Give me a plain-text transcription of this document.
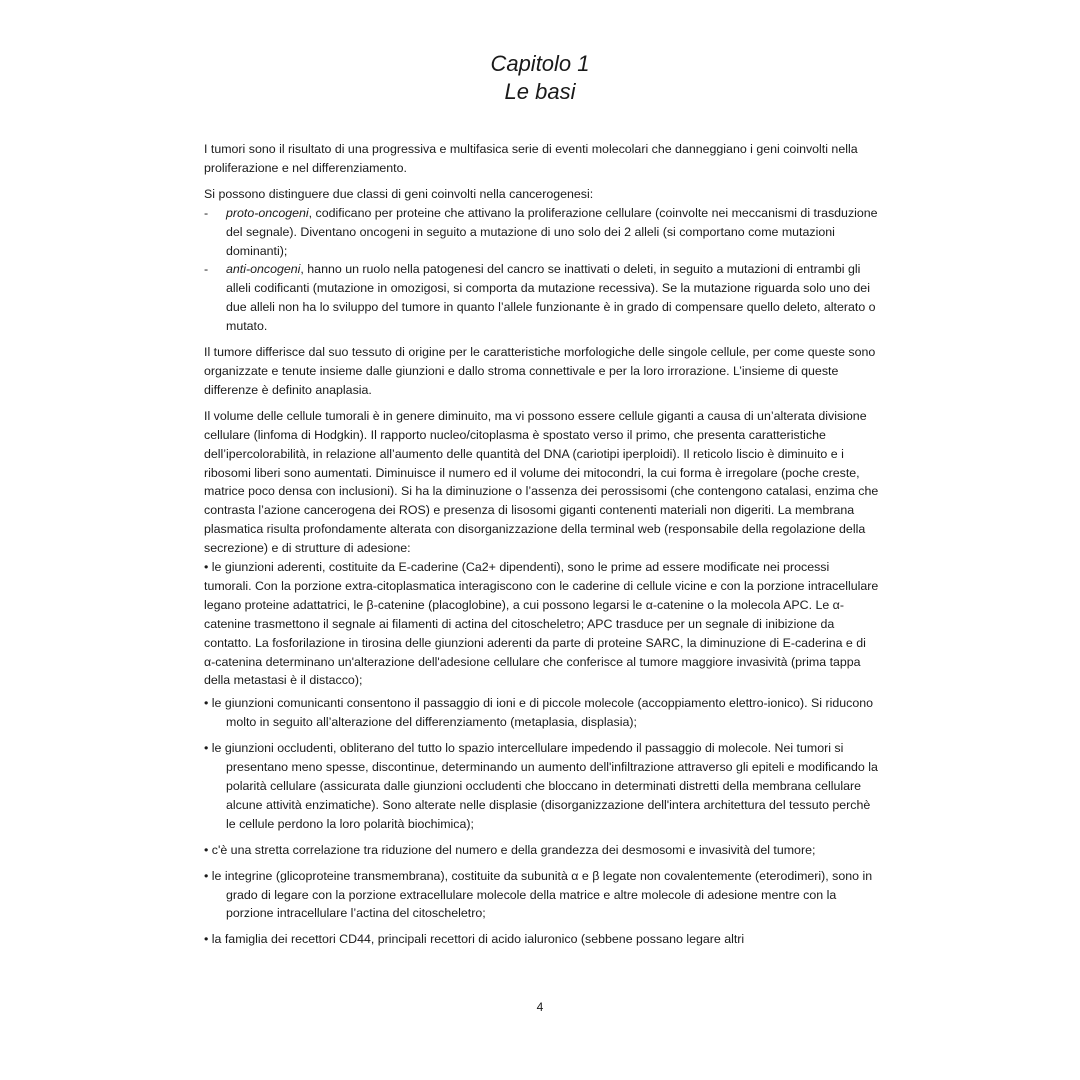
Capitolo 1
Le basi

I tumori sono il risultato di una progressiva e multifasica serie di eventi molecolari che danneggiano i geni coinvolti nella proliferazione e nel differenziamento.

Si possono distinguere due classi di geni coinvolti nella cancerogenesi:

- proto-oncogeni, codificano per proteine che attivano la proliferazione cellulare (coinvolte nei meccanismi di trasduzione del segnale). Diventano oncogeni in seguito a mutazione di uno solo dei 2 alleli (si comportano come mutazioni dominanti);
- anti-oncogeni, hanno un ruolo nella patogenesi del cancro se inattivati o deleti, in seguito a mutazioni di entrambi gli alleli codificanti (mutazione in omozigosi, si comporta da mutazione recessiva). Se la mutazione riguarda solo uno dei due alleli non ha lo sviluppo del tumore in quanto l’allele funzionante è in grado di compensare quello deleto, alterato o mutato.

Il tumore differisce dal suo tessuto di origine per le caratteristiche morfologiche delle singole cellule, per come queste sono organizzate e tenute insieme dalle giunzioni e dallo stroma connettivale e per la loro irrorazione. L’insieme di queste differenze è definito anaplasia.

Il volume delle cellule tumorali è in genere diminuito, ma vi possono essere cellule giganti a causa di un’alterata divisione cellulare (linfoma di Hodgkin). Il rapporto nucleo/citoplasma è spostato verso il primo, che presenta caratteristiche dell’ipercolorabilità, in relazione all’aumento delle quantità del DNA (cariotipi iperploidi). Il reticolo liscio è diminuito e i ribosomi liberi sono aumentati. Diminuisce il numero ed il volume dei mitocondri, la cui forma è irregolare (poche creste, matrice poco densa con inclusioni). Si ha la diminuzione o l’assenza dei perossisomi (che contengono catalasi, enzima che contrasta l’azione cancerogena dei ROS) e presenza di lisosomi giganti contenenti materiali non digeriti. La membrana plasmatica risulta profondamente alterata con disorganizzazione della terminal web (responsabile della regolazione della secrezione) e di strutture di adesione:

• le giunzioni aderenti, costituite da E-caderine (Ca2+ dipendenti), sono le prime ad essere modificate nei processi tumorali. Con la porzione extra-citoplasmatica interagiscono con le caderine di cellule vicine e con la porzione intracellulare legano proteine adattatrici, le β-catenine (placoglobine), a cui possono legarsi le α-catenine o la molecola APC. Le α-catenine trasmettono il segnale ai filamenti di actina del citoscheletro; APC trasduce per un segnale di inibizione da contatto. La fosforilazione in tirosina delle giunzioni aderenti da parte di proteine SARC, la diminuzione di E-caderina e di α-catenina determinano un'alterazione dell'adesione cellulare che conferisce al tumore maggiore invasività (prima tappa della metastasi è il distacco);

• le giunzioni comunicanti consentono il passaggio di ioni e di piccole molecole (accoppiamento elettro-ionico). Si riducono molto in seguito all’alterazione del differenziamento (metaplasia, displasia);

• le giunzioni occludenti, obliterano del tutto lo spazio intercellulare impedendo il passaggio di molecole. Nei tumori si presentano meno spesse, discontinue, determinando un aumento dell'infiltrazione attraverso gli epiteli e modificando la polarità cellulare (assicurata dalle giunzioni occludenti che bloccano in determinati distretti della membrana cellulare alcune attività enzimatiche). Sono alterate nelle displasie (disorganizzazione dell'intera architettura del tessuto perchè le cellule perdono la loro polarità biochimica);

• c'è una stretta correlazione tra riduzione del numero e della grandezza dei desmosomi e invasività del tumore;

• le integrine (glicoproteine transmembrana), costituite da subunità α e β legate non covalentemente (eterodimeri), sono in grado di legare con la porzione extracellulare molecole della matrice e altre molecole di adesione mentre con la porzione intracellulare l’actina del citoscheletro;

• la famiglia dei recettori CD44, principali recettori di acido ialuronico (sebbene possano legare altri

4
